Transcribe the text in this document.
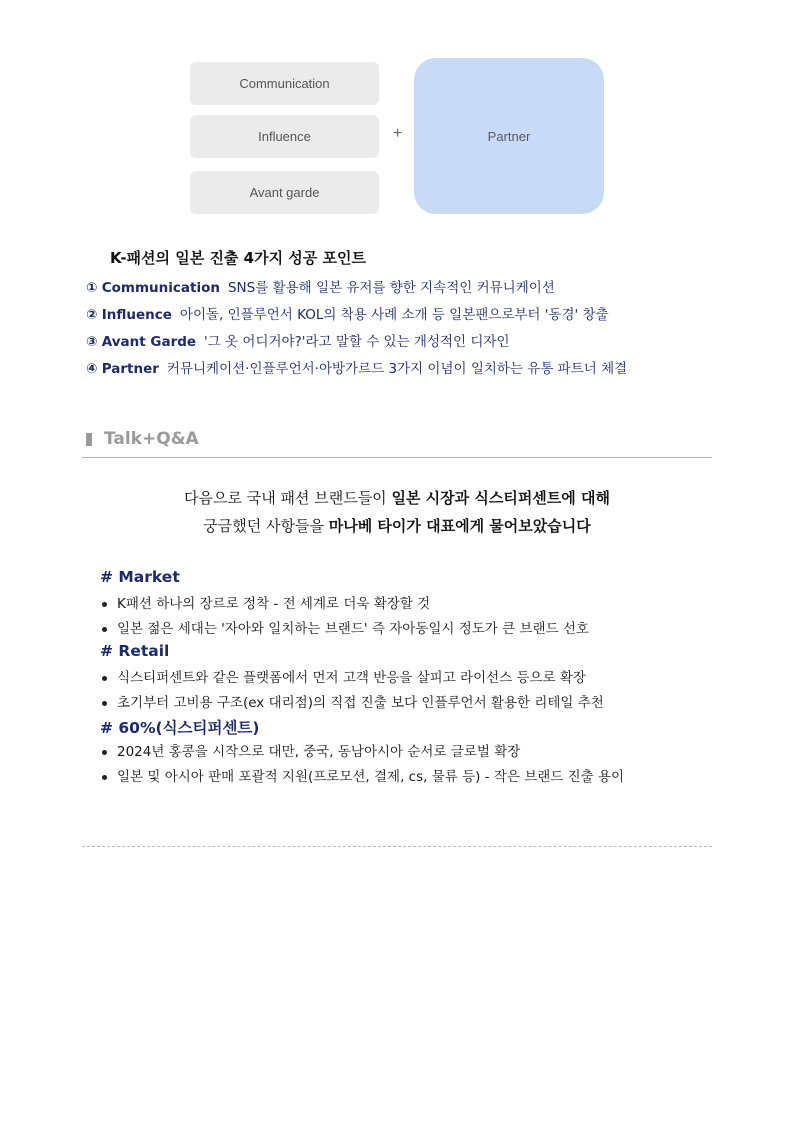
Communication
Influence
Avant garde
+	Partner
K-패션의 일본 진출 4가지 성공 포인트
① Communication SNS를 활용해 일본 유저를 향한 지속적인 커뮤니케이션
② Influence 아이돌, 인플루언서 KOL의 착용 사례 소개 등 일본팬으로부터 '동경' 창출
③ Avant Garde '그 옷 어디거야?'라고 말할 수 있는 개성적인 디자인
④ Partner 커뮤니케이션·인플루언서·아방가르드 3가지 이념이 일치하는 유통 파트너 체결
Talk+Q&A
다음으로 국내 패션 브랜드들이 일본 시장과 식스티퍼센트에 대해
궁금했던 사항들을 마나베 타이가 대표에게 물어보았습니다
# Market
K패션 하나의 장르로 정착 - 전 세계로 더욱 확장할 것
일본 젊은 세대는 '자아와 일치하는 브랜드' 즉 자아동일시 정도가 큰 브랜드 선호
# Retail
식스티퍼센트와 같은 플랫폼에서 먼저 고객 반응을 살피고 라이선스 등으로 확장
초기부터 고비용 구조(ex 대리점)의 직접 진출 보다 인플루언서 활용한 리테일 추천
# 60%(식스티퍼센트)
2024년 홍콩을 시작으로 대만, 중국, 동남아시아 순서로 글로벌 확장
일본 및 아시아 판매 포괄적 지원(프로모션, 결제, cs, 물류 등) - 작은 브랜드 진출 용이
